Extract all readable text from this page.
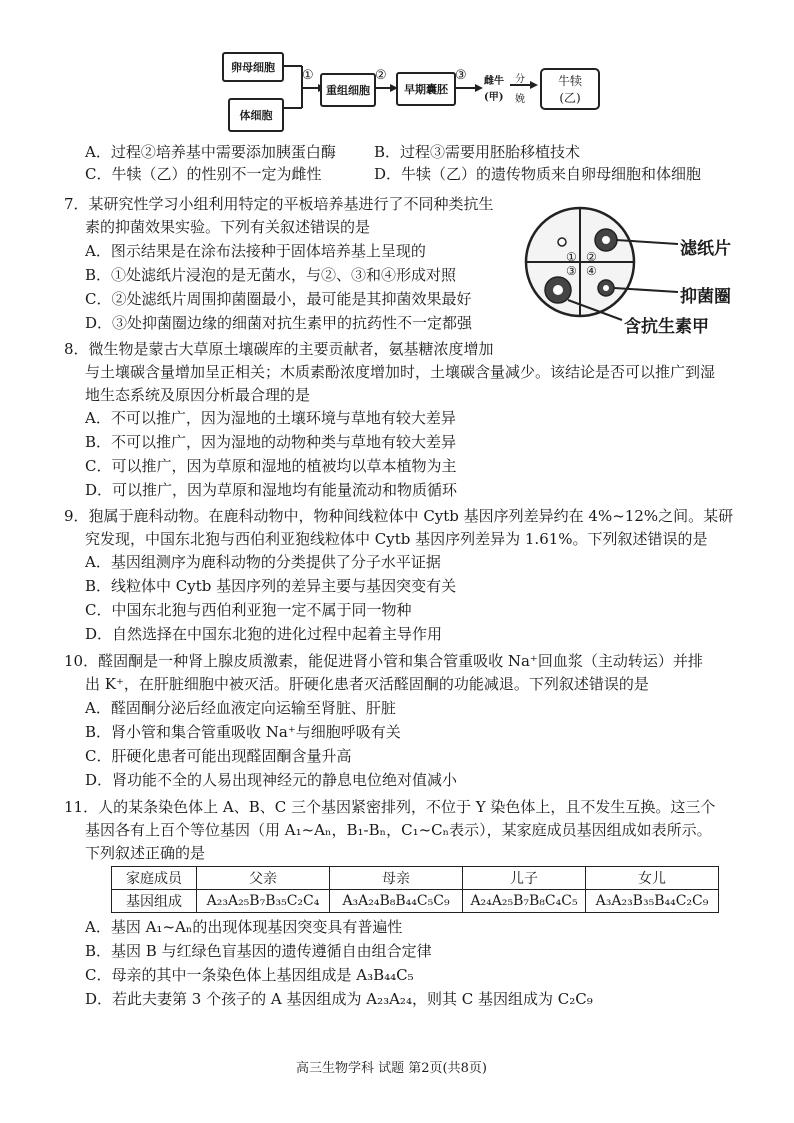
卵母细胞
体细胞
①
重组细胞
②
早期囊胚
③ 雌牛
(甲)
分
娩
牛犊
(乙)
A．过程②培养基中需要添加胰蛋白酶	B．过程③需要用胚胎移植技术
C．牛犊（乙）的性别不一定为雌性	D．牛犊（乙）的遗传物质来自卵母细胞和体细胞
7．某研究性学习小组利用特定的平板培养基进行了不同种类抗生
素的抑菌效果实验。下列有关叙述错误的是
A．图示结果是在涂布法接种于固体培养基上呈现的
B．①处滤纸片浸泡的是无菌水，与②、③和④形成对照
C．②处滤纸片周围抑菌圈最小，最可能是其抑菌效果最好
D．③处抑菌圈边缘的细菌对抗生素甲的抗药性不一定都强
① ②
③ ④
滤纸片
抑菌圈
含抗生素甲
8．微生物是蒙古大草原土壤碳库的主要贡献者，氨基糖浓度增加
与土壤碳含量增加呈正相关；木质素酚浓度增加时，土壤碳含量减少。该结论是否可以推广到湿
地生态系统及原因分析最合理的是
A．不可以推广，因为湿地的土壤环境与草地有较大差异
B．不可以推广，因为湿地的动物种类与草地有较大差异
C．可以推广，因为草原和湿地的植被均以草本植物为主
D．可以推广，因为草原和湿地均有能量流动和物质循环
9．狍属于鹿科动物。在鹿科动物中，物种间线粒体中 Cytb 基因序列差异约在 4%~12%之间。某研
究发现，中国东北狍与西伯利亚狍线粒体中 Cytb 基因序列差异为 1.61%。下列叙述错误的是
A．基因组测序为鹿科动物的分类提供了分子水平证据
B．线粒体中 Cytb 基因序列的差异主要与基因突变有关
C．中国东北狍与西伯利亚狍一定不属于同一物种
D．自然选择在中国东北狍的进化过程中起着主导作用
10．醛固酮是一种肾上腺皮质激素，能促进肾小管和集合管重吸收 Na⁺回血浆（主动转运）并排
出 K⁺，在肝脏细胞中被灭活。肝硬化患者灭活醛固酮的功能减退。下列叙述错误的是
A．醛固酮分泌后经血液定向运输至肾脏、肝脏
B．肾小管和集合管重吸收 Na⁺与细胞呼吸有关
C．肝硬化患者可能出现醛固酮含量升高
D．肾功能不全的人易出现神经元的静息电位绝对值减小
11．人的某条染色体上 A、B、C 三个基因紧密排列，不位于 Y 染色体上，且不发生互换。这三个
基因各有上百个等位基因（用 A₁~Aₙ，B₁-Bₙ，C₁~Cₙ表示），某家庭成员基因组成如表所示。
下列叙述正确的是
家庭成员	父亲	母亲	儿子	女儿
基因组成	A₂₃A₂₅B₇B₃₅C₂C₄	A₃A₂₄B₈B₄₄C₅C₉	A₂₄A₂₅B₇B₈C₄C₅	A₃A₂₃B₃₅B₄₄C₂C₉
A．基因 A₁~Aₙ的出现体现基因突变具有普遍性
B．基因 B 与红绿色盲基因的遗传遵循自由组合定律
C．母亲的其中一条染色体上基因组成是 A₃B₄₄C₅
D．若此夫妻第 3 个孩子的 A 基因组成为 A₂₃A₂₄，则其 C 基因组成为 C₂C₉
高三生物学科 试题 第2页(共8页)
